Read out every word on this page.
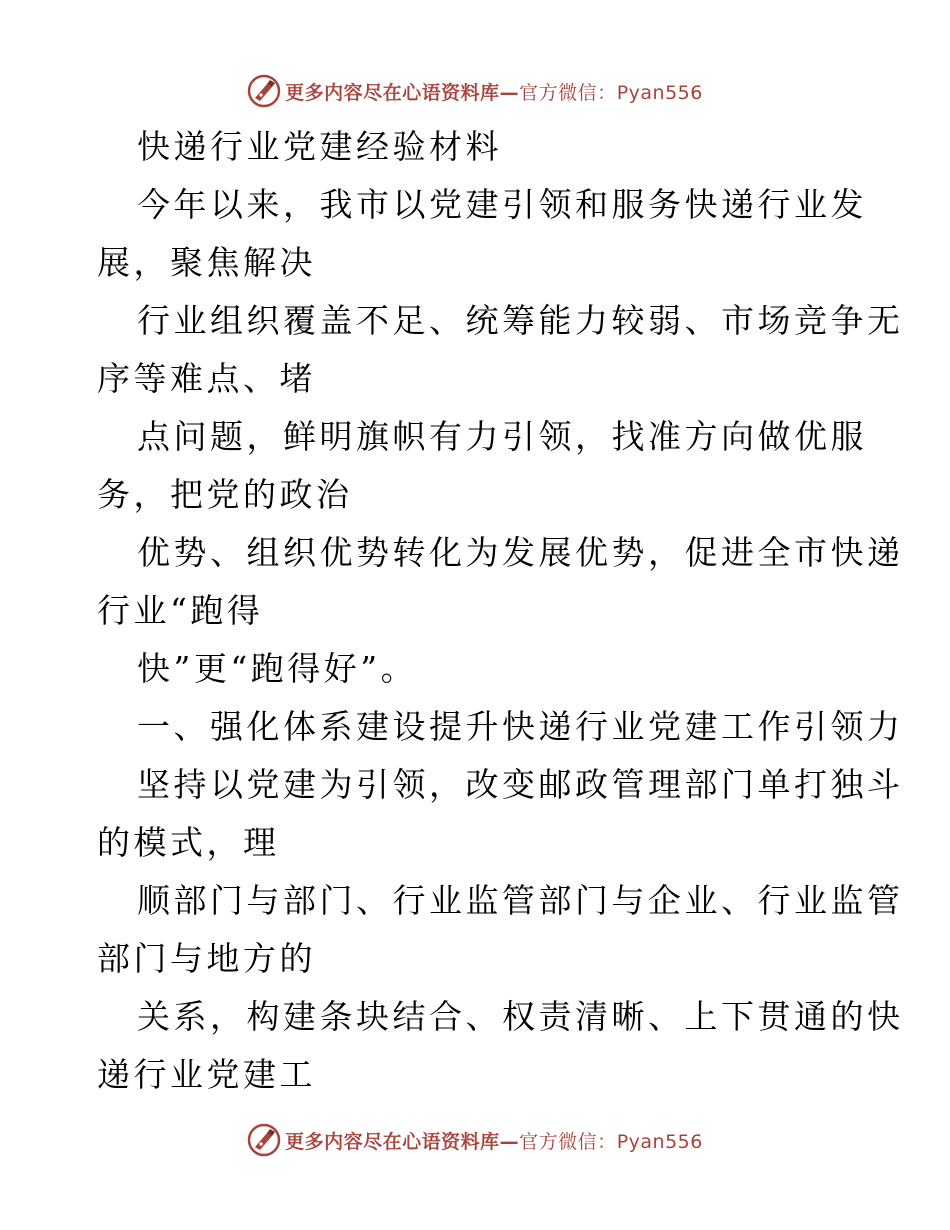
更多内容尽在心语资料库—官方微信：Pyan556
快递行业党建经验材料
今年以来，我市以党建引领和服务快递行业发
展，聚焦解决
行业组织覆盖不足、统筹能力较弱、市场竞争无
序等难点、堵
点问题，鲜明旗帜有力引领，找准方向做优服
务，把党的政治
优势、组织优势转化为发展优势，促进全市快递
行业“跑得
快”更“跑得好”。
一、强化体系建设提升快递行业党建工作引领力
坚持以党建为引领，改变邮政管理部门单打独斗
的模式，理
顺部门与部门、行业监管部门与企业、行业监管
部门与地方的
关系，构建条块结合、权责清晰、上下贯通的快
递行业党建工
更多内容尽在心语资料库—官方微信：Pyan556
